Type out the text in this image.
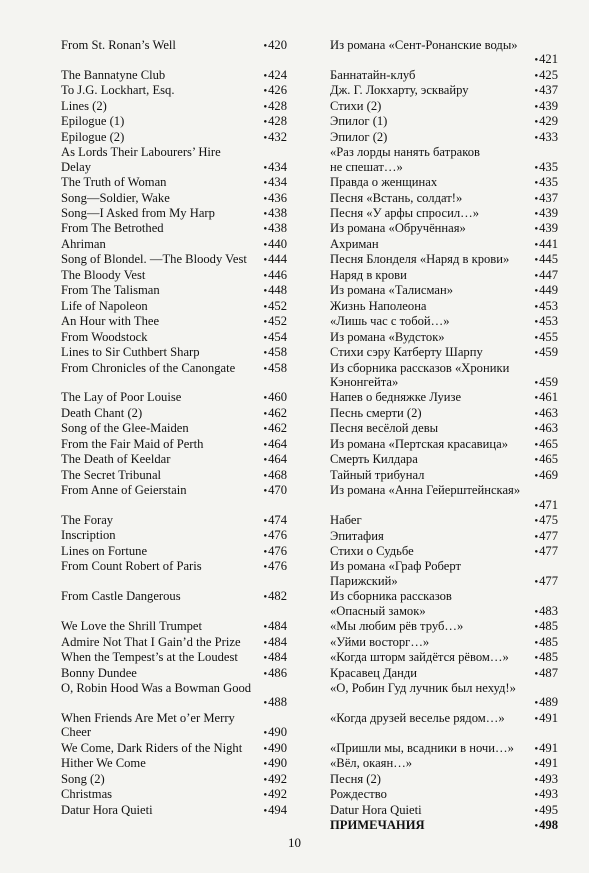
From St. Ronan’s Well	● 420
The Bannatyne Club	● 424
To J.G. Lockhart, Esq.	● 426
Lines (2)	● 428
Epilogue (1)	● 428
Epilogue (2)	● 432
As Lords Their Labourers’ Hire
Delay	● 434
The Truth of Woman	● 434
Song—Soldier, Wake	● 436
Song—I Asked from My Harp	● 438
From The Betrothed	● 438
Ahriman	● 440
Song of Blondel. —The Bloody Vest	● 444
The Bloody Vest	● 446
From The Talisman	● 448
Life of Napoleon	● 452
An Hour with Thee	● 452
From Woodstock	● 454
Lines to Sir Cuthbert Sharp	● 458
From Chronicles of the Canongate	● 458
The Lay of Poor Louise	● 460
Death Chant (2)	● 462
Song of the Glee-Maiden	● 462
From the Fair Maid of Perth	● 464
The Death of Keeldar	● 464
The Secret Tribunal	● 468
From Anne of Geierstain	● 470
The Foray	● 474
Inscription	● 476
Lines on Fortune	● 476
From Count Robert of Paris	● 476
From Castle Dangerous	● 482
We Love the Shrill Trumpet	● 484
Admire Not That I Gain’d the Prize	● 484
When the Tempest’s at the Loudest	● 484
Bonny Dundee	● 486
O, Robin Hood Was a Bowman Good
● 488
When Friends Are Met o’er Merry
Cheer	● 490
We Come, Dark Riders of the Night	● 490
Hither We Come	● 490
Song (2)	● 492
Christmas	● 492
Datur Hora Quieti	● 494
Из романа «Сент-Ронанские воды»
● 421
Баннатайн-клуб	● 425
Дж. Г. Локхарту, эсквайру	● 437
Стихи (2)	● 439
Эпилог (1)	● 429
Эпилог (2)	● 433
«Раз лорды нанять батраков
не спешат…»	● 435
Правда о женщинах	● 435
Песня «Встань, солдат!»	● 437
Песня «У арфы спросил…»	● 439
Из романа «Обручённая»	● 439
Ахриман	● 441
Песня Блонделя «Наряд в крови»	● 445
Наряд в крови	● 447
Из романа «Талисман»	● 449
Жизнь Наполеона	● 453
«Лишь час с тобой…»	● 453
Из романа «Вудсток»	● 455
Стихи сэру Катберту Шарпу	● 459
Из сборника рассказов «Хроники
Кэнонгейта»	● 459
Напев о бедняжке Луизе	● 461
Песнь смерти (2)	● 463
Песня весёлой девы	● 463
Из романа «Пертская красавица»	● 465
Смерть Килдара	● 465
Тайный трибунал	● 469
Из романа «Анна Гейерштейнская»
● 471
Набег	● 475
Эпитафия	● 477
Стихи о Судьбе	● 477
Из романа «Граф Роберт
Парижский»	● 477
Из сборника рассказов
«Опасный замок»	● 483
«Мы любим рёв труб…»	● 485
«Уйми восторг…»	● 485
«Когда шторм зайдётся рёвом…»	● 485
Красавец Данди	● 487
«О, Робин Гуд лучник был нехуд!»
● 489
«Когда друзей веселье рядом…»	● 491
«Пришли мы, всадники в ночи…»	● 491
«Вёл, окаян…»	● 491
Песня (2)	● 493
Рождество	● 493
Datur Hora Quieti	● 495
ПРИМЕЧАНИЯ	● 498
10
